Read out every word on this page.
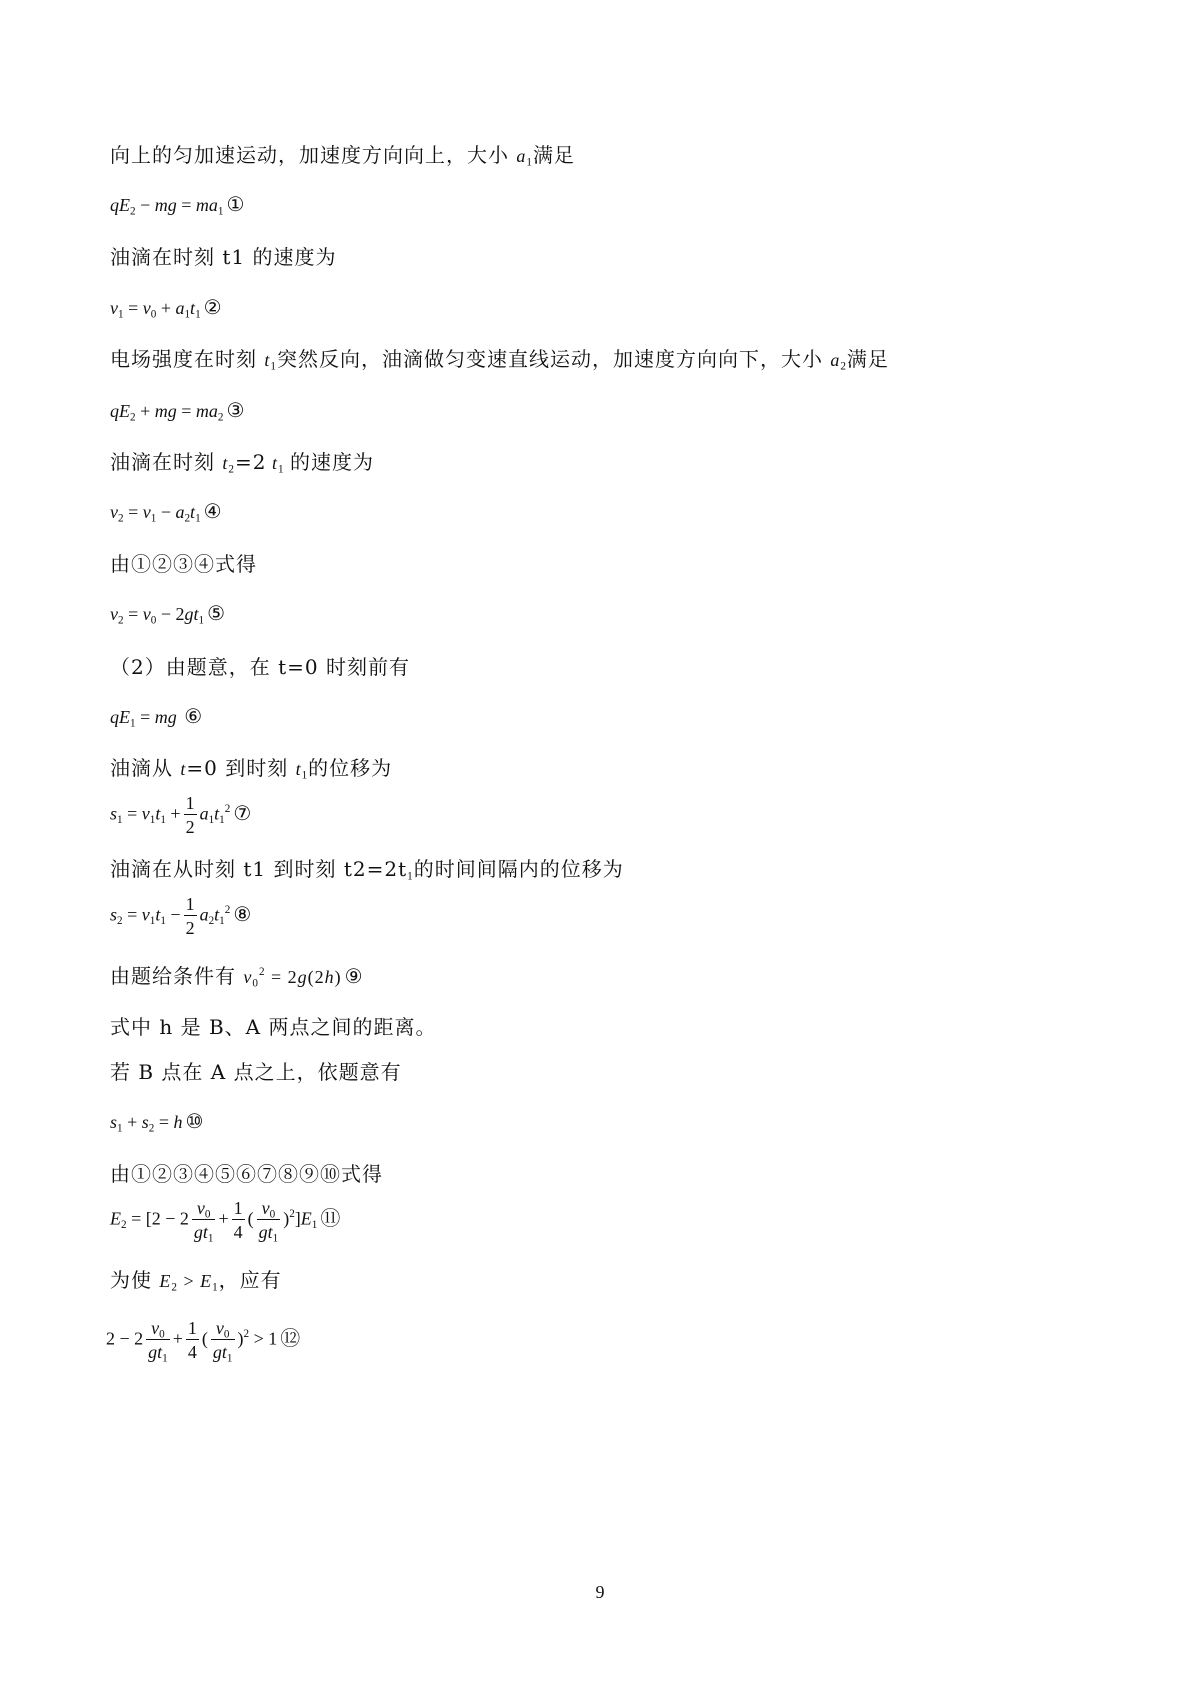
向上的匀加速运动，加速度方向向上，大小 $a_1$满足
$qE_2$ − mg = $ma_1$ ①
油滴在时刻 t1 的速度为
$v_1 = v_0 + a_1t_1$ ②
电场强度在时刻 $t_1$突然反向，油滴做匀变速直线运动，加速度方向向下，大小 $a_2$满足
$qE_2$ + mg = $ma_2$ ③
油滴在时刻 $t_2=2$ $t_1$ 的速度为
$v_2 = v_1 - a_2t_1$ ④
由①②③④式得
$v_2 = v_0 - 2gt_1$ ⑤
（2）由题意，在 t=0 时刻前有
$qE_1$ = mg ⑥
油滴从 t=0 到时刻 $t_1$的位移为
$s_1 = v_1t_1 + \frac{1}{2} a_1t_1^2$ ⑦
油滴在从时刻 t1 到时刻 $t2=2t_1$的时间间隔内的位移为
$s_2 = v_1t_1 - \frac{1}{2} a_2t_1^2$ ⑧
由题给条件有 $v_0^2 = 2g(2h)$ ⑨
式中 h 是 B、A 两点之间的距离。
若 B 点在 A 点之上，依题意有
$s_1 + s_2 = h$ ⑩
由①②③④⑤⑥⑦⑧⑨⑩式得
$E_2 = [2 - 2 \frac{v_0}{gt_1} + \frac{1}{4}$ ( $\frac{v_0}{gt_1} )^2]E_1$ ⑪
为使 $E_2 > E_1$，应有
$2 - 2 \frac{v_0}{gt_1} + \frac{1}{4}$ ( $\frac{v_0}{gt_1} )^2 > 1$ ⑫
9
